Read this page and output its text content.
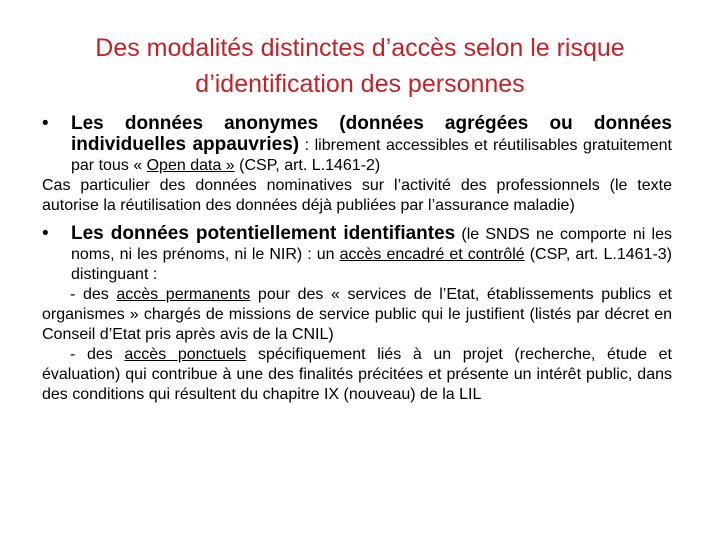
Des modalités distinctes d’accès selon le risque
d’identification des personnes
• Les données anonymes (données agrégées ou données individuelles appauvries) : librement accessibles et réutilisables gratuitement par tous « Open data » (CSP, art. L.1461-2)
Cas particulier des données nominatives sur l’activité des professionnels (le texte autorise la réutilisation des données déjà publiées par l’assurance maladie)
• Les données potentiellement identifiantes (le SNDS ne comporte ni les noms, ni les prénoms, ni le NIR) : un accès encadré et contrôlé (CSP, art. L.1461-3) distinguant :
- des accès permanents pour des « services de l’Etat, établissements publics et organismes » chargés de missions de service public qui le justifient (listés par décret en Conseil d’Etat pris après avis de la CNIL)
- des accès ponctuels spécifiquement liés à un projet (recherche, étude et évaluation) qui contribue à une des finalités précitées et présente un intérêt public, dans des conditions qui résultent du chapitre IX (nouveau) de la LIL
